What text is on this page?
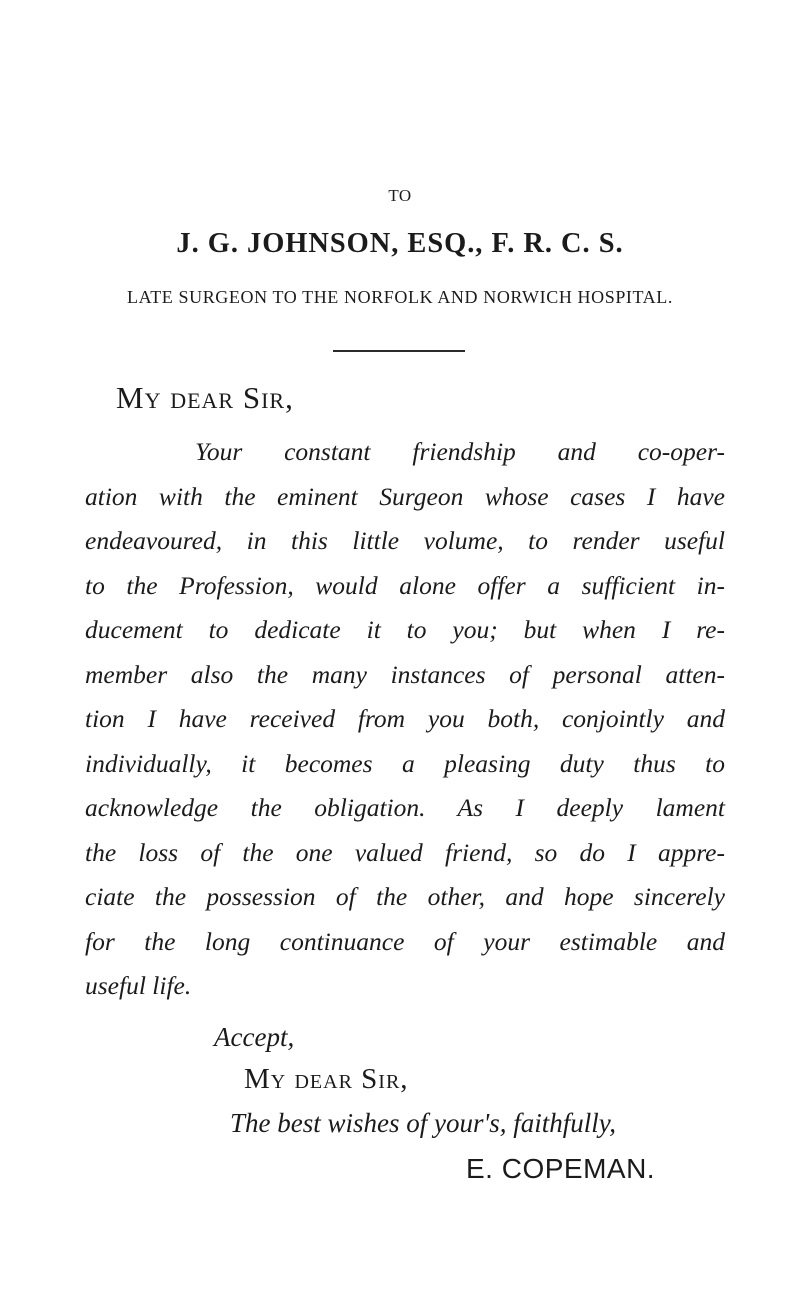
TO
J. G. JOHNSON, ESQ., F. R. C. S.
LATE SURGEON TO THE NORFOLK AND NORWICH HOSPITAL.
My dear Sir,
Your constant friendship and co-oper-
ation with the eminent Surgeon whose cases I have
endeavoured, in this little volume, to render useful
to the Profession, would alone offer a sufficient in-
ducement to dedicate it to you; but when I re-
member also the many instances of personal atten-
tion I have received from you both, conjointly and
individually, it becomes a pleasing duty thus to
acknowledge the obligation. As I deeply lament
the loss of the one valued friend, so do I appre-
ciate the possession of the other, and hope sincerely
for the long continuance of your estimable and
useful life.
Accept,
My dear Sir,
The best wishes of your's, faithfully,
E. COPEMAN.
